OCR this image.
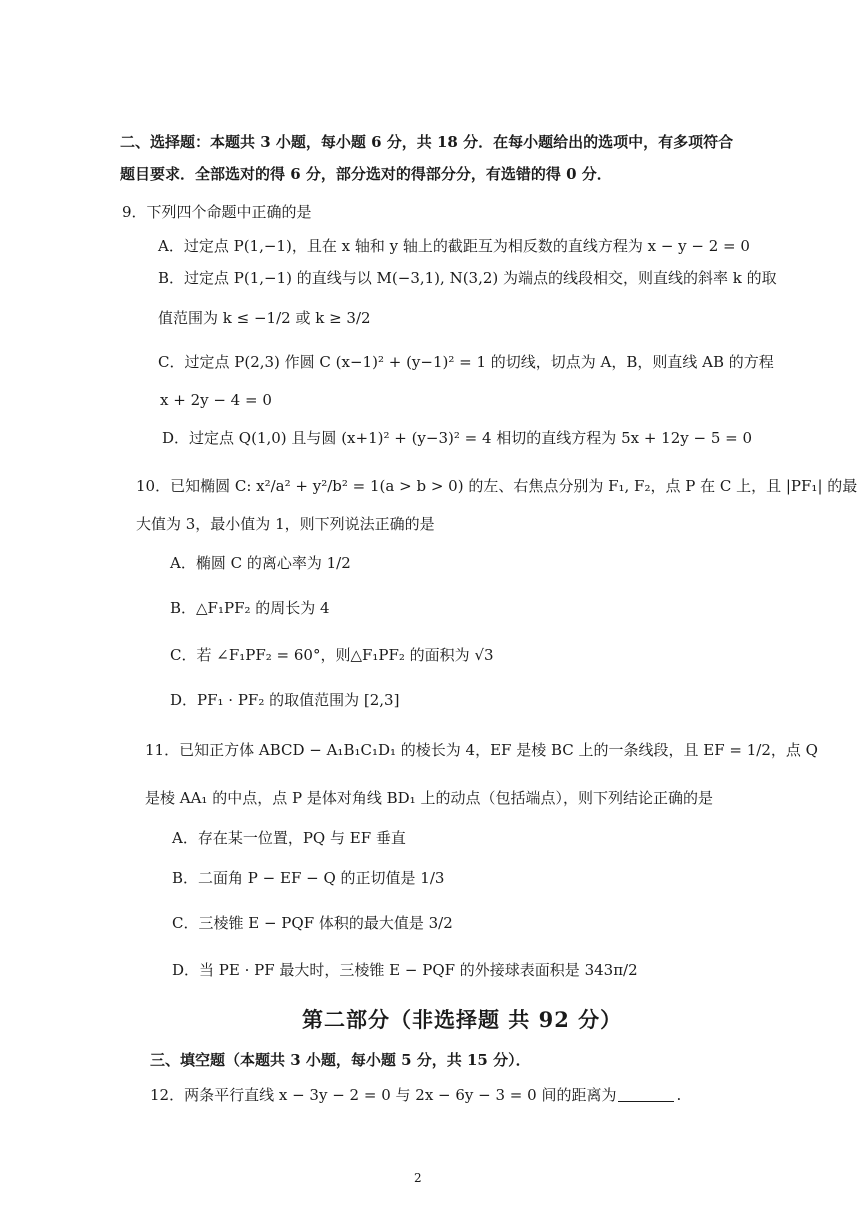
二、选择题：本题共 3 小题，每小题 6 分，共 18 分．在每小题给出的选项中，有多项符合
题目要求．全部选对的得 6 分，部分选对的得部分分，有选错的得 0 分．
9．下列四个命题中正确的是
A．过定点 P(1,−1)，且在 x 轴和 y 轴上的截距互为相反数的直线方程为 x − y − 2 = 0
B．过定点 P(1,−1) 的直线与以 M(−3,1), N(3,2) 为端点的线段相交，则直线的斜率 k 的取
值范围为 k ≤ −1/2 或 k ≥ 3/2
C．过定点 P(2,3) 作圆 C (x−1)² + (y−1)² = 1 的切线，切点为 A，B，则直线 AB 的方程
x + 2y − 4 = 0
D．过定点 Q(1,0) 且与圆 (x+1)² + (y−3)² = 4 相切的直线方程为 5x + 12y − 5 = 0
10．已知椭圆 C: x²/a² + y²/b² = 1(a > b > 0) 的左、右焦点分别为 F₁, F₂，点 P 在 C 上，且 |PF₁| 的最
大值为 3，最小值为 1，则下列说法正确的是
A．椭圆 C 的离心率为 1/2
B．△F₁PF₂ 的周长为 4
C．若 ∠F₁PF₂ = 60°，则△F₁PF₂ 的面积为 √3
D．PF₁ · PF₂ 的取值范围为 [2,3]
11．已知正方体 ABCD − A₁B₁C₁D₁ 的棱长为 4，EF 是棱 BC 上的一条线段，且 EF = 1/2，点 Q
是棱 AA₁ 的中点，点 P 是体对角线 BD₁ 上的动点（包括端点），则下列结论正确的是
A．存在某一位置，PQ 与 EF 垂直
B．二面角 P − EF − Q 的正切值是 1/3
C．三棱锥 E − PQF 体积的最大值是 3/2
D．当 PE · PF 最大时，三棱锥 E − PQF 的外接球表面积是 343π/2
第二部分（非选择题 共 92 分）
三、填空题（本题共 3 小题，每小题 5 分，共 15 分）．
12．两条平行直线 x − 3y − 2 = 0 与 2x − 6y − 3 = 0 间的距离为	.
2
